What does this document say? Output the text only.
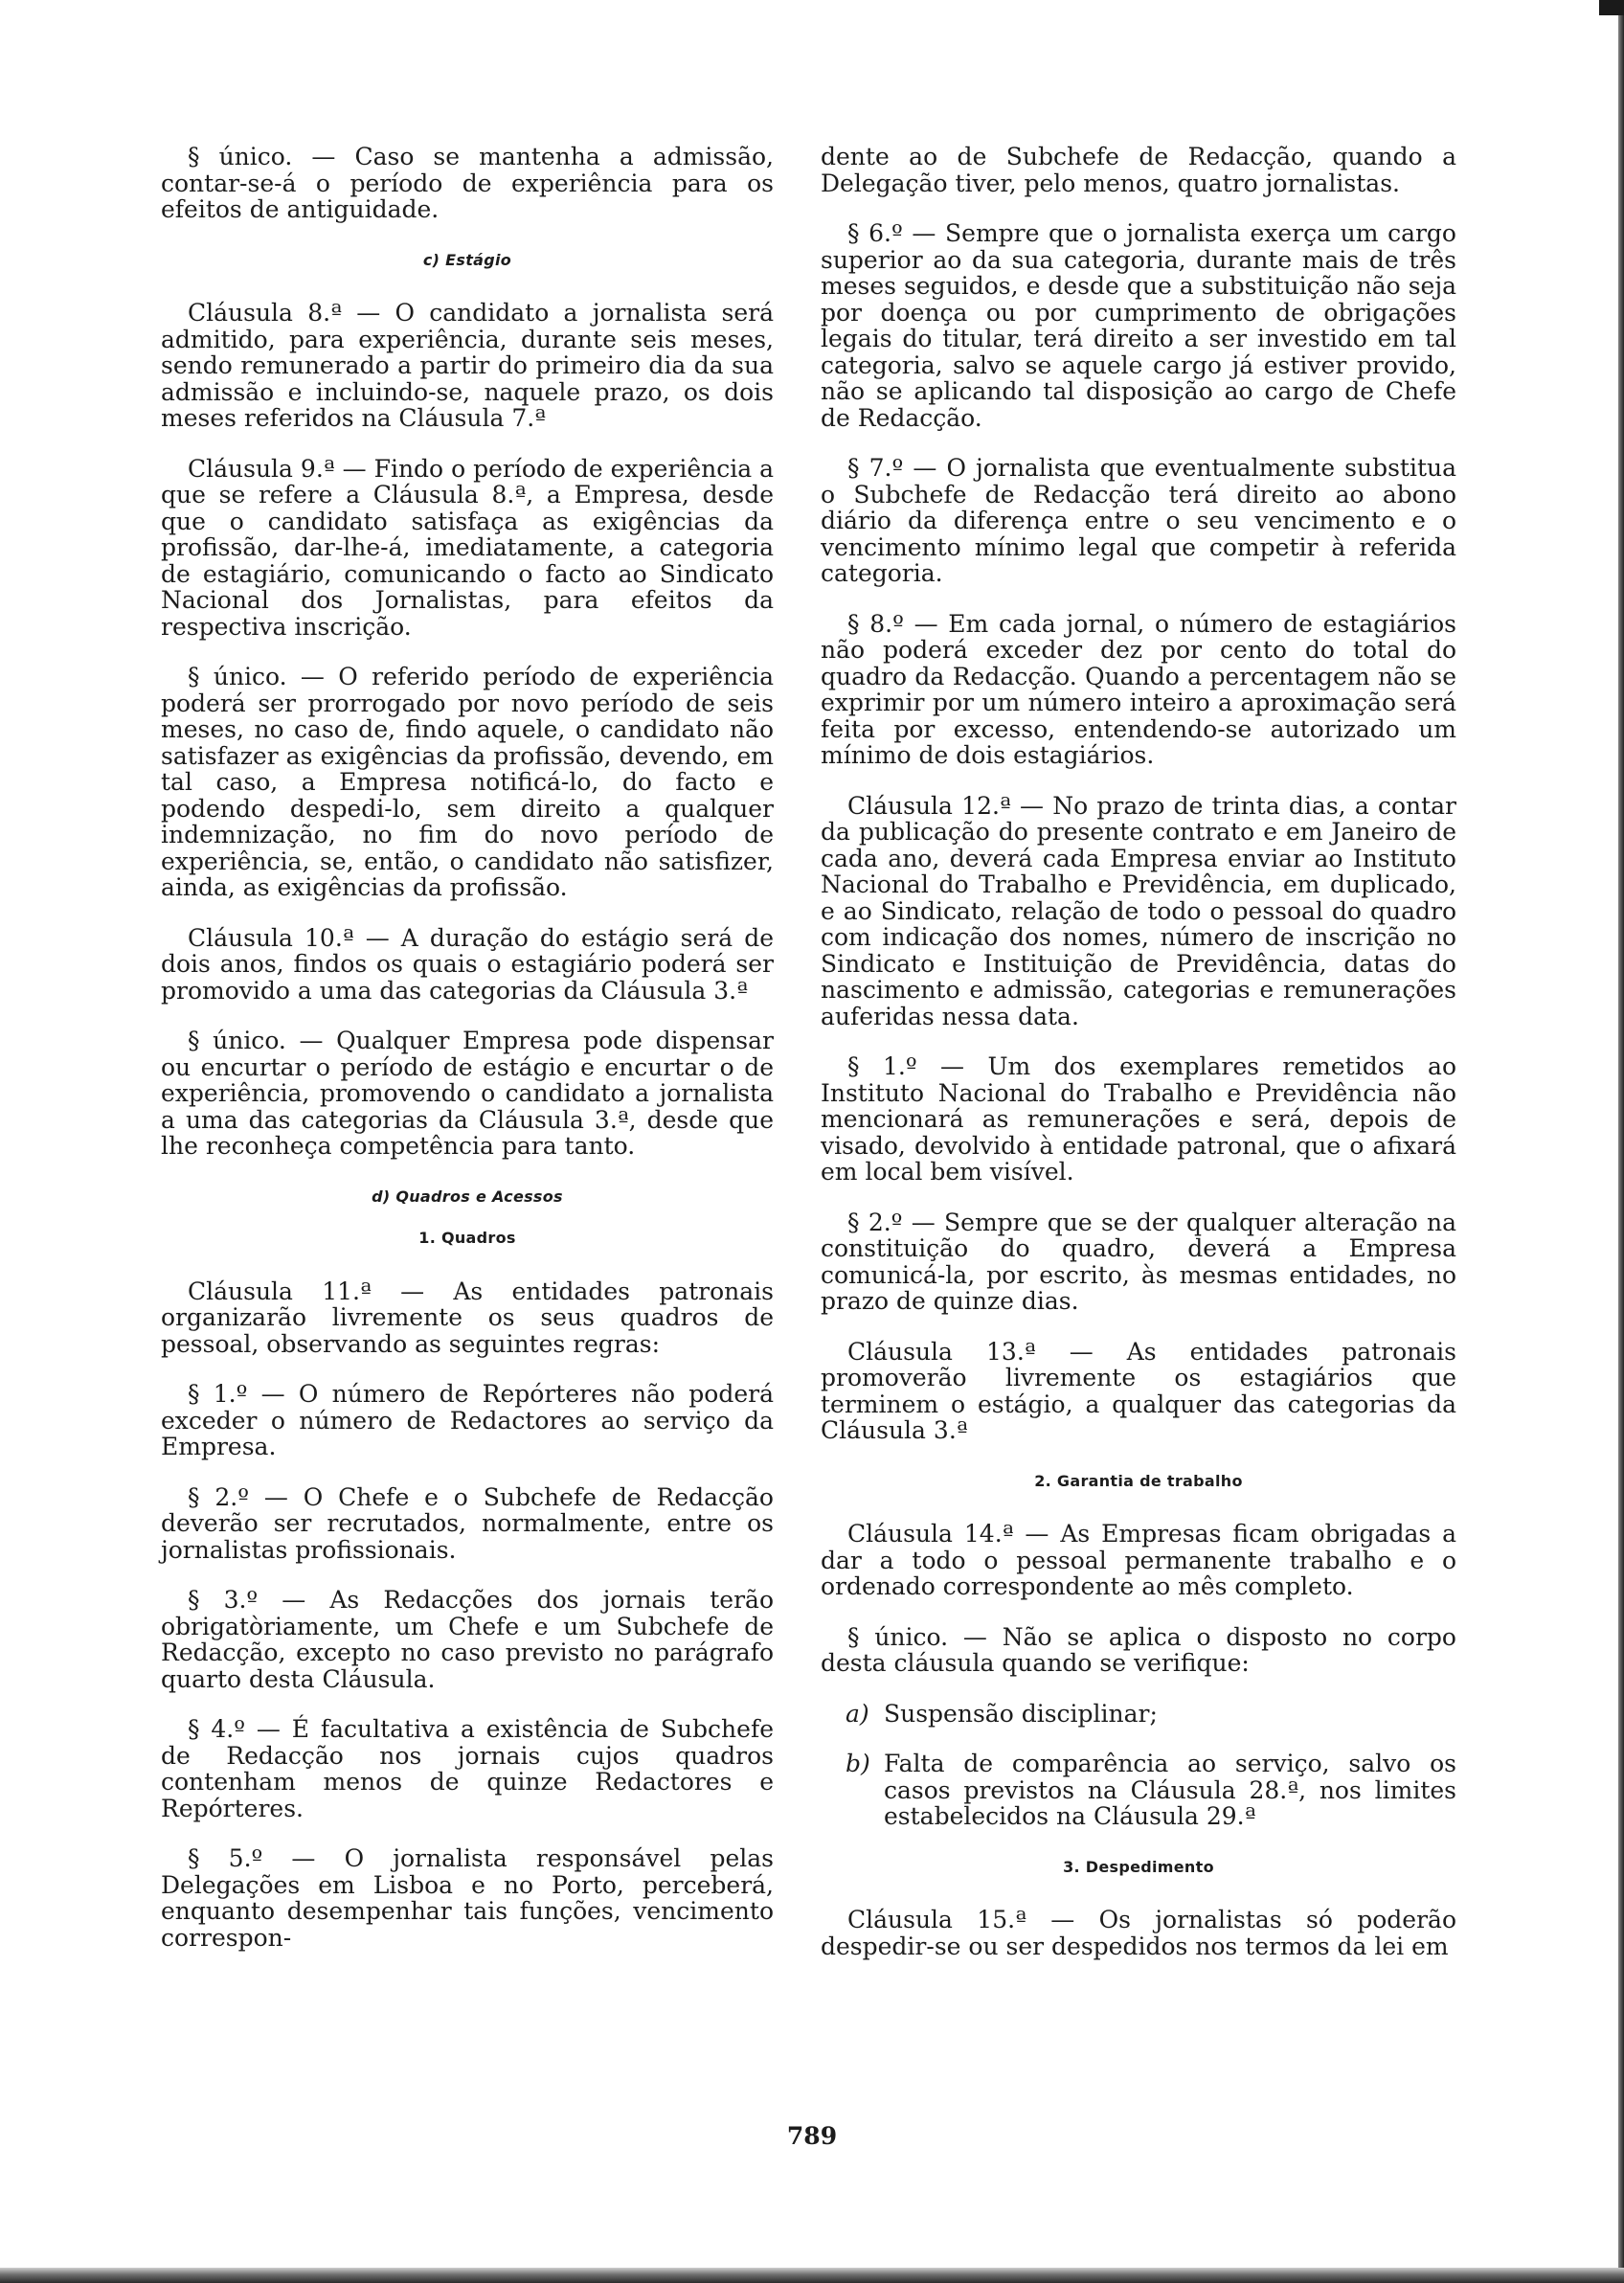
§ único. — Caso se mantenha a admissão, contar-se-á o período de experiência para os efeitos de antiguidade.

c) Estágio

Cláusula 8.ª — O candidato a jornalista será admitido, para experiência, durante seis meses, sendo remunerado a partir do primeiro dia da sua admissão e incluindo-se, naquele prazo, os dois meses referidos na Cláusula 7.ª

Cláusula 9.ª — Findo o período de experiência a que se refere a Cláusula 8.ª, a Empresa, desde que o candidato satisfaça as exigências da profissão, dar-lhe-á, imediatamente, a categoria de estagiário, comunicando o facto ao Sindicato Nacional dos Jornalistas, para efeitos da respectiva inscrição.

§ único. — O referido período de experiência poderá ser prorrogado por novo período de seis meses, no caso de, findo aquele, o candidato não satisfazer as exigências da profissão, devendo, em tal caso, a Empresa notificá-lo, do facto e podendo despedi-lo, sem direito a qualquer indemnização, no fim do novo período de experiência, se, então, o candidato não satisfizer, ainda, as exigências da profissão.

Cláusula 10.ª — A duração do estágio será de dois anos, findos os quais o estagiário poderá ser promovido a uma das categorias da Cláusula 3.ª

§ único. — Qualquer Empresa pode dispensar ou encurtar o período de estágio e encurtar o de experiência, promovendo o candidato a jornalista a uma das categorias da Cláusula 3.ª, desde que lhe reconheça competência para tanto.

d) Quadros e Acessos
1. Quadros

Cláusula 11.ª — As entidades patronais organizarão livremente os seus quadros de pessoal, observando as seguintes regras:

§ 1.º — O número de Repórteres não poderá exceder o número de Redactores ao serviço da Empresa.

§ 2.º — O Chefe e o Subchefe de Redacção deverão ser recrutados, normalmente, entre os jornalistas profissionais.

§ 3.º — As Redacções dos jornais terão obrigatòriamente, um Chefe e um Subchefe de Redacção, excepto no caso previsto no parágrafo quarto desta Cláusula.

§ 4.º — É facultativa a existência de Subchefe de Redacção nos jornais cujos quadros contenham menos de quinze Redactores e Repórteres.

§ 5.º — O jornalista responsável pelas Delegações em Lisboa e no Porto, perceberá, enquanto desempenhar tais funções, vencimento correspon-

dente ao de Subchefe de Redacção, quando a Delegação tiver, pelo menos, quatro jornalistas.

§ 6.º — Sempre que o jornalista exerça um cargo superior ao da sua categoria, durante mais de três meses seguidos, e desde que a substituição não seja por doença ou por cumprimento de obrigações legais do titular, terá direito a ser investido em tal categoria, salvo se aquele cargo já estiver provido, não se aplicando tal disposição ao cargo de Chefe de Redacção.

§ 7.º — O jornalista que eventualmente substitua o Subchefe de Redacção terá direito ao abono diário da diferença entre o seu vencimento e o vencimento mínimo legal que competir à referida categoria.

§ 8.º — Em cada jornal, o número de estagiários não poderá exceder dez por cento do total do quadro da Redacção. Quando a percentagem não se exprimir por um número inteiro a aproximação será feita por excesso, entendendo-se autorizado um mínimo de dois estagiários.

Cláusula 12.ª — No prazo de trinta dias, a contar da publicação do presente contrato e em Janeiro de cada ano, deverá cada Empresa enviar ao Instituto Nacional do Trabalho e Previdência, em duplicado, e ao Sindicato, relação de todo o pessoal do quadro com indicação dos nomes, número de inscrição no Sindicato e Instituição de Previdência, datas do nascimento e admissão, categorias e remunerações auferidas nessa data.

§ 1.º — Um dos exemplares remetidos ao Instituto Nacional do Trabalho e Previdência não mencionará as remunerações e será, depois de visado, devolvido à entidade patronal, que o afixará em local bem visível.

§ 2.º — Sempre que se der qualquer alteração na constituição do quadro, deverá a Empresa comunicá-la, por escrito, às mesmas entidades, no prazo de quinze dias.

Cláusula 13.ª — As entidades patronais promoverão livremente os estagiários que terminem o estágio, a qualquer das categorias da Cláusula 3.ª

2. Garantia de trabalho

Cláusula 14.ª — As Empresas ficam obrigadas a dar a todo o pessoal permanente trabalho e o ordenado correspondente ao mês completo.

§ único. — Não se aplica o disposto no corpo desta cláusula quando se verifique:

a) Suspensão disciplinar;
b) Falta de comparência ao serviço, salvo os casos previstos na Cláusula 28.ª, nos limites estabelecidos na Cláusula 29.ª
3. Despedimento

Cláusula 15.ª — Os jornalistas só poderão despedir-se ou ser despedidos nos termos da lei em

789
